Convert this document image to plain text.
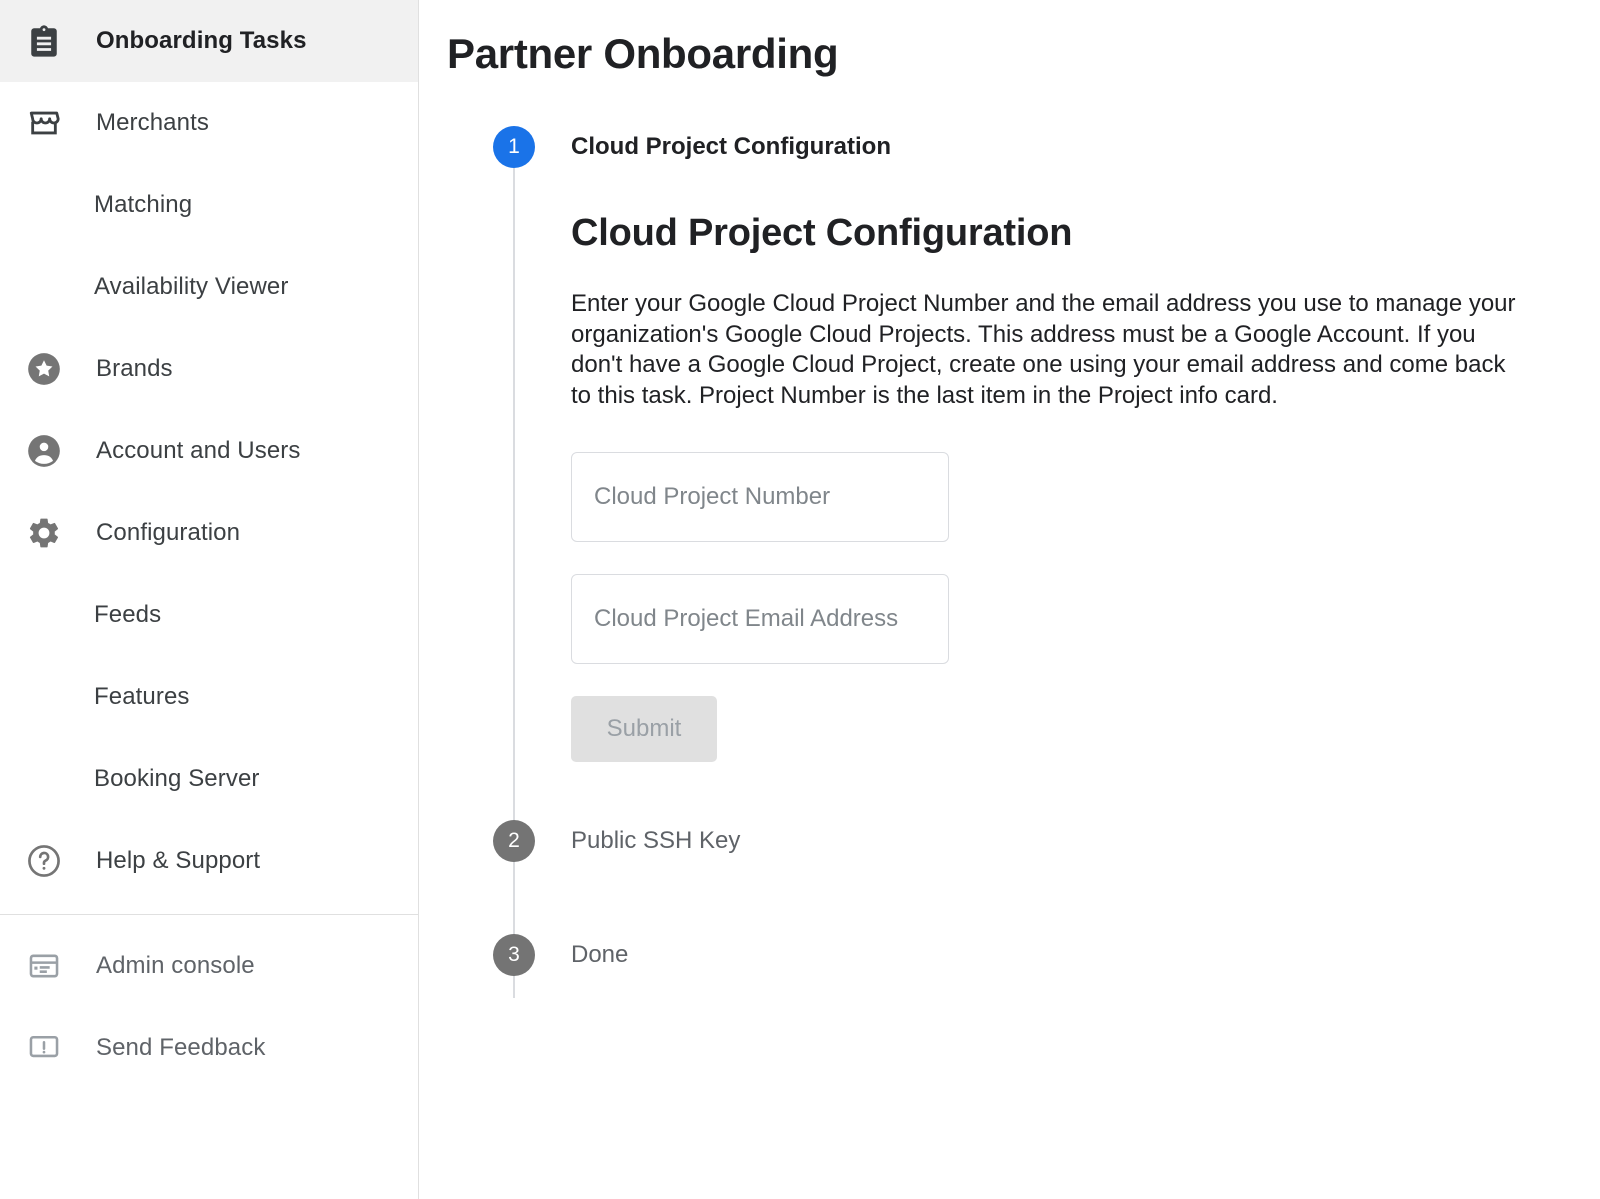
Onboarding Tasks
Merchants
Matching
Availability Viewer
Brands
Account and Users
Configuration
Feeds
Features
Booking Server
Help & Support
Admin console
Send Feedback
Partner Onboarding
1	Cloud Project Configuration
Cloud Project Configuration

Enter your Google Cloud Project Number and the email address you use to manage your organization's Google Cloud Projects. This address must be a Google Account. If you don't have a Google Cloud Project, create one using your email address and come back to this task. Project Number is the last item in the Project info card.

Cloud Project Number
Cloud Project Email Address
Submit
2	Public SSH Key
3	Done
